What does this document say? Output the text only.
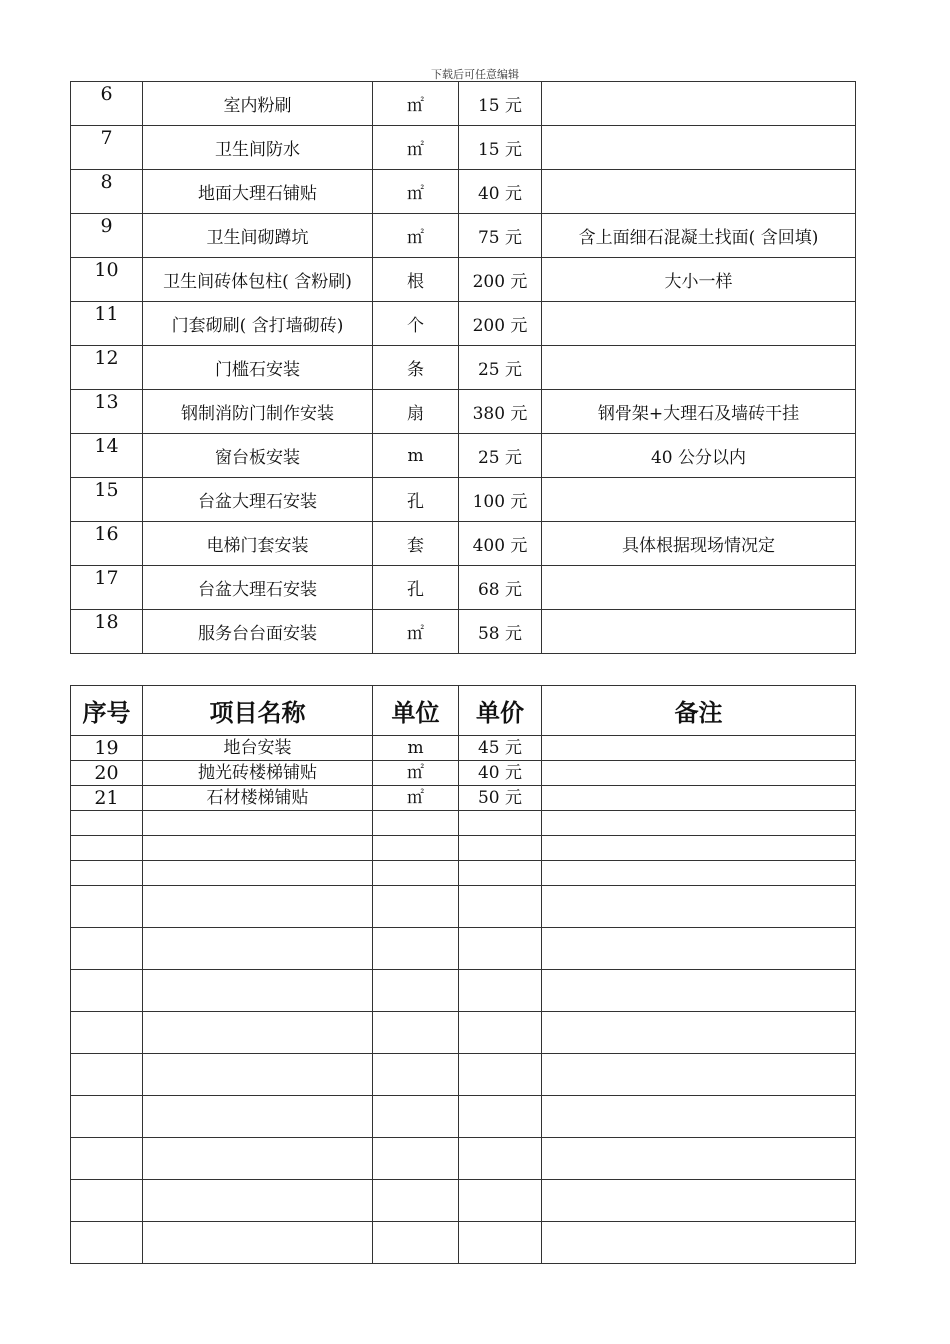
下载后可任意编辑
6	室内粉刷	㎡	15 元	
7	卫生间防水	㎡	15 元	
8	地面大理石铺贴	㎡	40 元	
9	卫生间砌蹲坑	㎡	75 元	含上面细石混凝土找面( 含回填)
10	卫生间砖体包柱( 含粉刷)	根	200 元	大小一样
11	门套砌刷( 含打墙砌砖)	个	200 元	
12	门槛石安装	条	25 元	
13	钢制消防门制作安装	扇	380 元	钢骨架+大理石及墙砖干挂
14	窗台板安装	m	25 元	40 公分以内
15	台盆大理石安装	孔	100 元	
16	电梯门套安装	套	400 元	具体根据现场情况定
17	台盆大理石安装	孔	68 元	
18	服务台台面安装	㎡	58 元	
序号	项目名称	单位	单价	备注
19	地台安装	m	45 元	
20	抛光砖楼梯铺贴	㎡	40 元	
21	石材楼梯铺贴	㎡	50 元	
